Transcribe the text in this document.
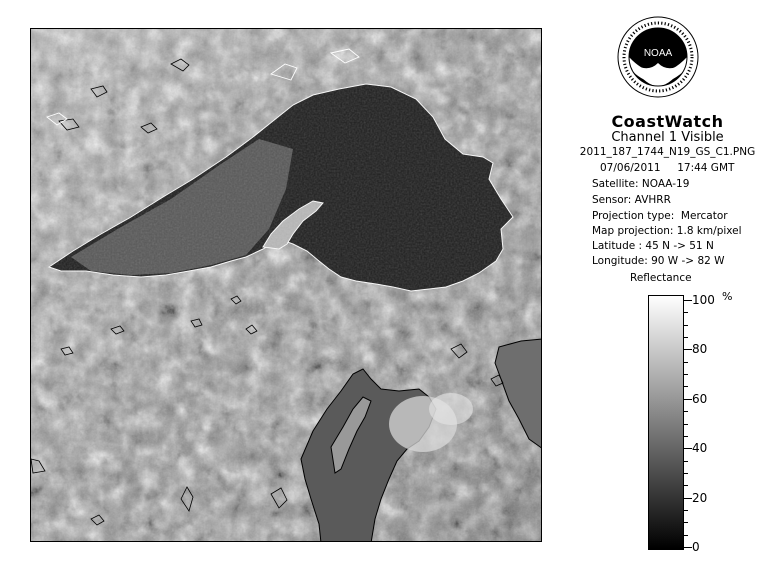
NOAA
CoastWatch
Channel 1 Visible
2011_187_1744_N19_GS_C1.PNG
07/06/2011     17:44 GMT
Satellite: NOAA-19
Sensor: AVHRR
Projection type:  Mercator
Map projection: 1.8 km/pixel
Latitude : 45 N -> 51 N
Longitude: 90 W -> 82 W
Reflectance
%
100
80
60
40
20
0
